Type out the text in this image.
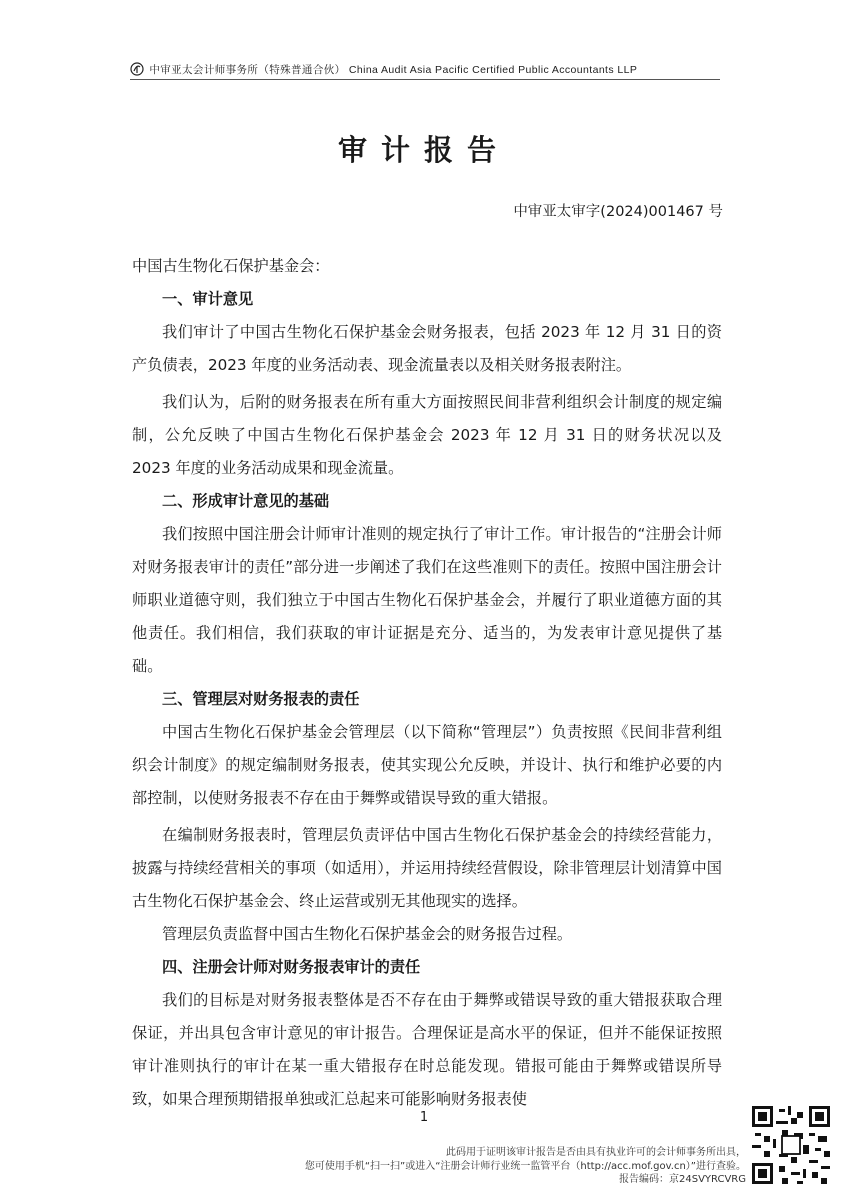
中审亚太会计师事务所（特殊普通合伙） China Audit Asia Pacific Certified Public Accountants LLP
审计报告
中审亚太审字(2024)001467 号

中国古生物化石保护基金会：

一、审计意见

我们审计了中国古生物化石保护基金会财务报表，包括 2023 年 12 月 31 日的资产负债表，2023 年度的业务活动表、现金流量表以及相关财务报表附注。

我们认为，后附的财务报表在所有重大方面按照民间非营利组织会计制度的规定编制，公允反映了中国古生物化石保护基金会 2023 年 12 月 31 日的财务状况以及 2023 年度的业务活动成果和现金流量。

二、形成审计意见的基础

我们按照中国注册会计师审计准则的规定执行了审计工作。审计报告的“注册会计师对财务报表审计的责任”部分进一步阐述了我们在这些准则下的责任。按照中国注册会计师职业道德守则，我们独立于中国古生物化石保护基金会，并履行了职业道德方面的其他责任。我们相信，我们获取的审计证据是充分、适当的，为发表审计意见提供了基础。

三、管理层对财务报表的责任

中国古生物化石保护基金会管理层（以下简称“管理层”）负责按照《民间非营利组织会计制度》的规定编制财务报表，使其实现公允反映，并设计、执行和维护必要的内部控制，以使财务报表不存在由于舞弊或错误导致的重大错报。

在编制财务报表时，管理层负责评估中国古生物化石保护基金会的持续经营能力，披露与持续经营相关的事项（如适用），并运用持续经营假设，除非管理层计划清算中国古生物化石保护基金会、终止运营或别无其他现实的选择。

管理层负责监督中国古生物化石保护基金会的财务报告过程。

四、注册会计师对财务报表审计的责任

我们的目标是对财务报表整体是否不存在由于舞弊或错误导致的重大错报获取合理保证，并出具包含审计意见的审计报告。合理保证是高水平的保证，但并不能保证按照审计准则执行的审计在某一重大错报存在时总能发现。错报可能由于舞弊或错误所导致，如果合理预期错报单独或汇总起来可能影响财务报表使

1
此码用于证明该审计报告是否由具有执业许可的会计师事务所出具，
您可使用手机“扫一扫”或进入“注册会计师行业统一监管平台（http://acc.mof.gov.cn）”进行查验。
报告编码：京24SVYRCVRG
